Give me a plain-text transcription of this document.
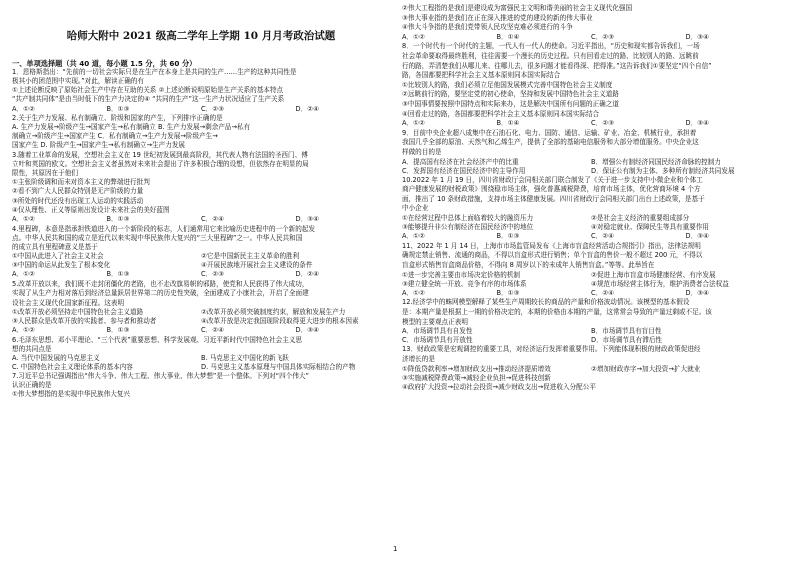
哈师大附中 2021 级高二学年上学期 10 月月考政治试题
一、单项选择题（共 40 道，每小题 1.5 分，共 60 分）

1．恩格斯指出：“先前的一切社会实际只是在生产在本身上是共同的生产……生产的这种共同性是

极其小的团范围中实现。”对此，解读正确的有

①上述论断反映了原始社会生产中存在互助的关系 ②上述论断说明原始是生产关系的基本特点

“共产制共同体”是由当时低下的生产力决定的④ “共同的生产”这一生产力状况适应了生产关系

A．①②	B．①③	C．②③	D．②④

2.关于生产力发展、私有制确立、阶级和国家的产生，下列排序正确的是

A. 生产力发展→阶级产生→国家产生→私有制确立 B. 生产力发展→剩余产品→私有

制确立→阶级产生→国家产生 C．私有制确立→生产力发展→阶级产生→

国家产生 D. 阶级产生→国家产生→私有制确立→生产力发展

3.随着工业革命的发展，空想社会主义在 19 世纪初发展到最高阶段，其代表人物有法国的圣西门、傅

立叶和英国的欧文。空想社会主义者虽然对未来社会提出了许多积极合理的设想，但依然存在明显的局

限性，其原因在于他们

①主张阶级调和而未对资本主义的弊端进行批判

②看不到广大人民群众特别是无产阶级的力量

③所处的时代还没有出现工人运动的实践活动

④仅从理性、正义等原则出发设计未来社会的美好蓝图

A．①②	B．①③	C．②④	D．③④

4.里程碑，本意是指承担铁道进入的一个新阶段的标志，人们通常用它来比喻历史进程中的一个新的起发

点。中华人民共和国的成立是近代以来实现中华民族伟大复兴的“三大里程碑”之一。中华人民共和国

的成立具有里程碑意义是基于

①中国从此进入了社会主义社会	②它是中国新民主主义革命的胜利
③中国的命运从此发生了根本变化	④开展民族地开展社会主义建设的条件
A．①②	B．①③	C．②③	D．②④

5.改革开放以来，我们既不走封闭僵化的老路，也不走改旗易帜的邪路，使党和人民获得了伟大成功，

实现了从生产力相对落后到经济总量跃居世界第二的历史性突破，全面建成了小康社会，开启了全面建

设社会主义现代化国家新征程。这表明

①改革开放必须坚持走中国特色社会主义道路	②改革开放必须突破制度约束，解放和发展生产力
③人民群众是改革开放的实践者、参与者和推动者	④改革开放是决定我国现阶段取得更大进步的根本因素
A．①②	B．①③	C．②④	D．③④

6.毛泽东思想、邓小平理论、“三个代表”重要思想、科学发展观、习近平新时代中国特色社会主义思

想的共同点是

A. 当代中国发展的马克思主义	B. 马克思主义中国化的新飞跃
C. 中国特色社会主义理论体系的基本内容	D. 马克思主义基本原理与中国具体实际相结合的产物

7.习近平总书记强调指出“伟大斗争、伟大工程、伟大事业、伟大梦想”是一个整体。下列对“四个伟大”

认识正确的是

①伟大梦想指的是实现中华民族伟大复兴

②伟大工程指的是我们是建设成为富强民主文明和谐美丽的社会主义现代化强国

③伟大事业指的是我们在正在深入推进的党的建设的新的伟大事业

④伟大斗争指的是我们党带领人民攻坚克难必须进行的斗争

A．①②	B．①④	C．②③	D．③④

8．一个时代有一个时代的主题，一代人有一代人的使命。习近平指出，“历史和现实都告诉我们，一场

社会革命要取得最终胜利，往往需要一个漫长的历史过程。只有回看走过的路、比较别人的路、远眺前

行的路，弄清楚我们从哪儿来、往哪儿去，很多问题才能看得深、把得准。”这告诉我们①要坚定“四个自信”

路，各国都要把科学社会主义基本原则同本国实际结合

①比较别人的路，我们必须立足他国发展模式完善中国特色社会主义制度

②远眺前行的路，要坚定党的初心使命，坚持和发展中国特色社会主义道路

③中国事情要按照中国特点和实际来办，这是解决中国所有问题的正确之道

④回看走过的路，各国都要把科学社会主义基本原则同本国实际结合

A．①②	B．①④	C．②③	D．③④

9．目前中央企业超八成集中在石油石化、电力、国防、通信、运输、矿业、冶金、机械行业，承担着

我国几乎全部的原油、天然气和乙烯生产，提供了全部的基础电信服务和大部分增值服务。中央企业这

样做的目的是

A．提高国有经济在社会经济产中的比重	B．增强公有制经济同国民经济命脉的控制力
C．发挥国有经济在国民经济中的主导作用	D．保证公有制为主体、多种所有制经济共同发展

10.2022 年 1 月 19 日，四川省财政厅会同相关部门联合制发了《关于进一步支持中小微企业和个体工

商户健康发展的财税政策》围绕稳市场主体，强化普惠减税降费，培育市场主体，优化营商环境 4 个方

面，推出了 10 条财政措施，支持市场主体健康发展。四川省财政厅会同相关部门出台上述政策，是基于

中小企业

①在经营过程中总体上面临着较大的融资压力	②是社会主义经济的重要组成部分
③能够提升非公有制经济在国民经济中的地位	④对稳定就业、保障民生等具有重要作用
A．①②	B．①③	C．②④	D．③④

11、2022 年 1 月 14 日，上海市市场监管局发布《上海市盲盒经营活动合规指引》指出，法律法规明

确规定禁止销售、流通的商品，不得以盲盒形式进行销售；单个盲盒的售价一般不超过 200 元，不得以

盲盒形式销售盲盒商品价格，不得向 8 周岁以下的未成年人销售盲盒。”等等。此举旨在

①进一步完善主要由市场决定价格的机制	②促进上海市盲盒市场健康经营、有序发展
③建立健全统一开放、竞争有序的市场体系	④规范市场经营主体行为，维护消费者合法权益
A．①②	B．①③	C．②④	D．③④

12.经济学中的蛛网模型解释了某些生产周期较长的商品的产量和价格波动情况。该模型的基本假设

是：本期产量是根据上一期的价格决定的，本期的价格由本期的产量，这常常会导致的产量过剩或不足。该

模型的主要观点正表明

A．市场调节具有自发性	B．市场调节具有盲目性
C．市场调节具有开放性	D．市场调节具有滞后性

13．财政政策是宏观调控的重要工具，对经济运行发挥着重要作用。下列能体现积极的财政政策促进经

济增长的是

①降低贷款利率→增加财政支出→推动经济提质增效	②增加财政赤字→加大投资→扩大就业

③实施减税降费政策→减轻企业负担→促进科技创新

④政府扩大投资→拉动社会投资→减少财政支出→促进收入分配公平

1
